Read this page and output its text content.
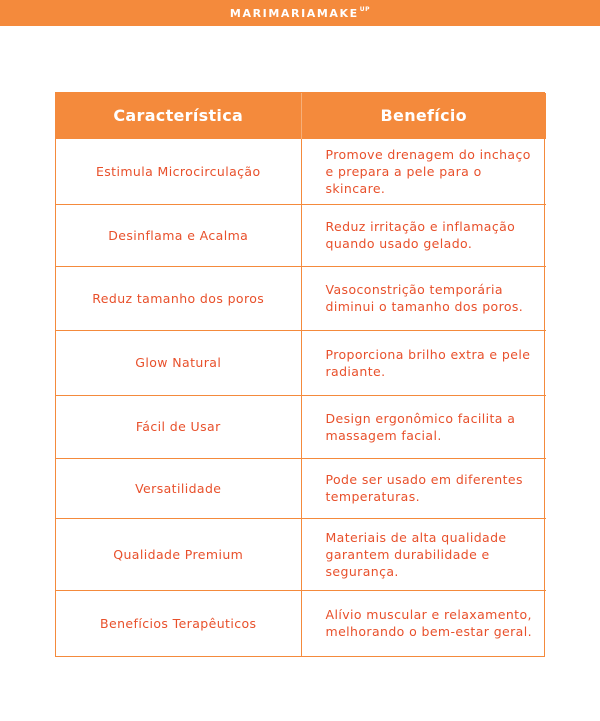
MARIMARIAMAKE UP
Característica	Benefício
Estimula Microcirculação	Promove drenagem do inchaço e prepara a pele para o skincare.
Desinflama e Acalma	Reduz irritação e inflamação quando usado gelado.
Reduz tamanho dos poros	Vasoconstrição temporária diminui o tamanho dos poros.
Glow Natural	Proporciona brilho extra e pele radiante.
Fácil de Usar	Design ergonômico facilita a massagem facial.
Versatilidade	Pode ser usado em diferentes temperaturas.
Qualidade Premium	Materiais de alta qualidade garantem durabilidade e segurança.
Benefícios Terapêuticos	Alívio muscular e relaxamento, melhorando o bem-estar geral.
